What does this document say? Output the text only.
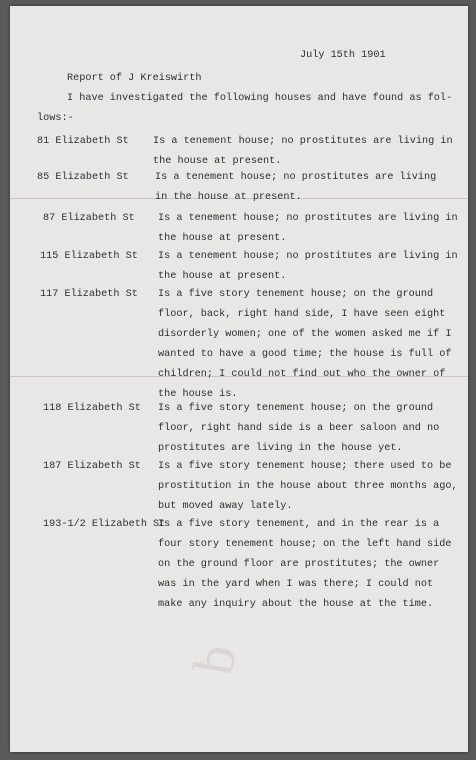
b
July 15th 1901
Report of J Kreiswirth
I have investigated the following houses and have found as fol-
lows:-
81 Elizabeth St Is a tenement house; no prostitutes are living in
the house at present.
85 Elizabeth St	Is a tenement house; no prostitutes are living
in the house at present.
87 Elizabeth St Is a tenement house; no prostitutes are living in
the house at present.
115 Elizabeth St Is a tenement house; no prostitutes are living in
the house at present.
117 Elizabeth St Is a five story tenement house; on the ground
floor, back, right hand side, I have seen eight
disorderly women; one of the women asked me if I
wanted to have a good time; the house is full of
children; I could not find out who the owner of
the house is.
118 Elizabeth St Is a five story tenement house; on the ground
floor, right hand side is a beer saloon and no
prostitutes are living in the house yet.
187 Elizabeth St Is a five story tenement house; there used to be
prostitution in the house about three months ago,
but moved away lately.
193-1/2 Elizabeth St
Is a five story tenement, and in the rear is a
four story tenement house; on the left hand side
on the ground floor are prostitutes; the owner
was in the yard when I was there; I could not
make any inquiry about the house at the time.
